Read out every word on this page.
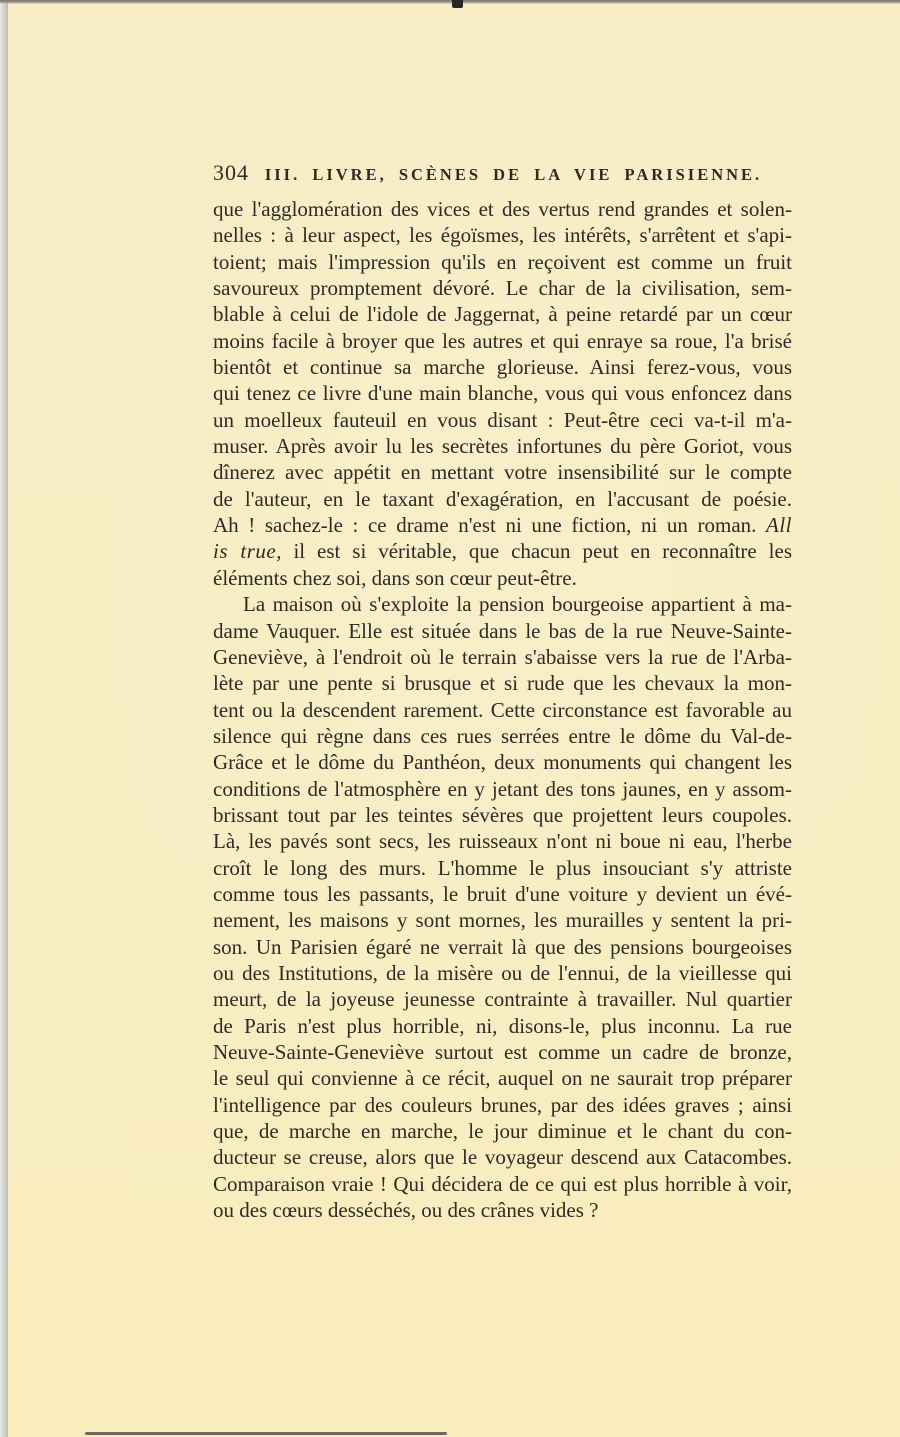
304 III. LIVRE, SCÈNES DE LA VIE PARISIENNE.
que l'agglomération des vices et des vertus rend grandes et solen-
nelles : à leur aspect, les égoïsmes, les intérêts, s'arrêtent et s'api-
toient; mais l'impression qu'ils en reçoivent est comme un fruit
savoureux promptement dévoré. Le char de la civilisation, sem-
blable à celui de l'idole de Jaggernat, à peine retardé par un cœur
moins facile à broyer que les autres et qui enraye sa roue, l'a brisé
bientôt et continue sa marche glorieuse. Ainsi ferez-vous, vous
qui tenez ce livre d'une main blanche, vous qui vous enfoncez dans
un moelleux fauteuil en vous disant : Peut-être ceci va-t-il m'a-
muser. Après avoir lu les secrètes infortunes du père Goriot, vous
dînerez avec appétit en mettant votre insensibilité sur le compte
de l'auteur, en le taxant d'exagération, en l'accusant de poésie.
Ah ! sachez-le : ce drame n'est ni une fiction, ni un roman. All
is true, il est si véritable, que chacun peut en reconnaître les
éléments chez soi, dans son cœur peut-être.
La maison où s'exploite la pension bourgeoise appartient à ma-
dame Vauquer. Elle est située dans le bas de la rue Neuve-Sainte-
Geneviève, à l'endroit où le terrain s'abaisse vers la rue de l'Arba-
lète par une pente si brusque et si rude que les chevaux la mon-
tent ou la descendent rarement. Cette circonstance est favorable au
silence qui règne dans ces rues serrées entre le dôme du Val-de-
Grâce et le dôme du Panthéon, deux monuments qui changent les
conditions de l'atmosphère en y jetant des tons jaunes, en y assom-
brissant tout par les teintes sévères que projettent leurs coupoles.
Là, les pavés sont secs, les ruisseaux n'ont ni boue ni eau, l'herbe
croît le long des murs. L'homme le plus insouciant s'y attriste
comme tous les passants, le bruit d'une voiture y devient un évé-
nement, les maisons y sont mornes, les murailles y sentent la pri-
son. Un Parisien égaré ne verrait là que des pensions bourgeoises
ou des Institutions, de la misère ou de l'ennui, de la vieillesse qui
meurt, de la joyeuse jeunesse contrainte à travailler. Nul quartier
de Paris n'est plus horrible, ni, disons-le, plus inconnu. La rue
Neuve-Sainte-Geneviève surtout est comme un cadre de bronze,
le seul qui convienne à ce récit, auquel on ne saurait trop préparer
l'intelligence par des couleurs brunes, par des idées graves ; ainsi
que, de marche en marche, le jour diminue et le chant du con-
ducteur se creuse, alors que le voyageur descend aux Catacombes.
Comparaison vraie ! Qui décidera de ce qui est plus horrible à voir,
ou des cœurs desséchés, ou des crânes vides ?
